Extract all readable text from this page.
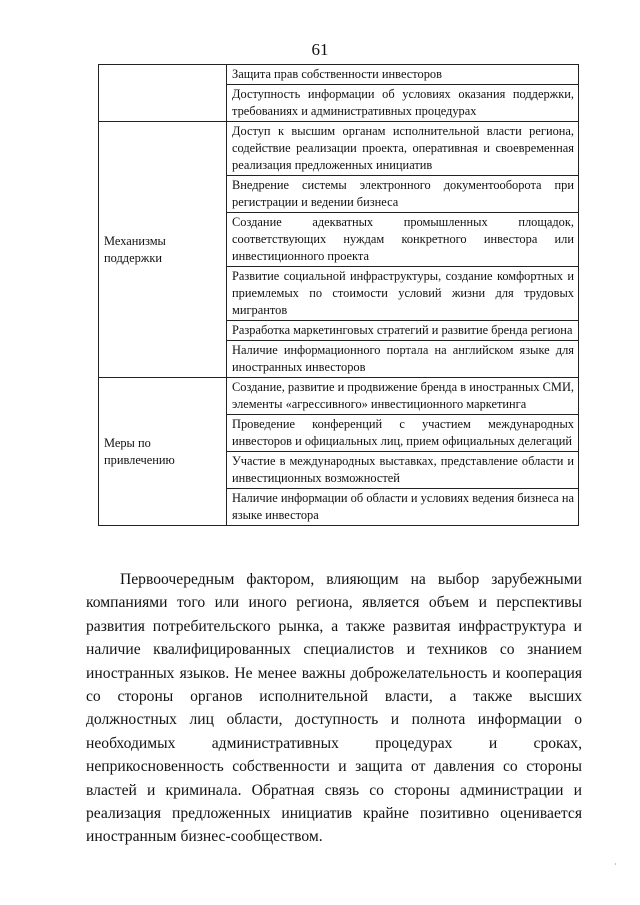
61
	Защита прав собственности инвесторов
	Доступность информации об условиях оказания поддержки, требованиях и административных процедурах

Механизмы
поддержки	Доступ к высшим органам исполнительной власти региона, содействие реализации проекта, оперативная и своевременная реализация предложенных инициатив
	Внедрение системы электронного документооборота при регистрации и ведении бизнеса
	Создание адекватных промышленных площадок, соответствующих нуждам конкретного инвестора или инвестиционного проекта
	Развитие социальной инфраструктуры, создание комфортных и приемлемых по стоимости условий жизни для трудовых мигрантов
	Разработка маркетинговых стратегий и развитие бренда региона
	Наличие информационного портала на английском языке для иностранных инвесторов

Меры по
привлечению	Создание, развитие и продвижение бренда в иностранных СМИ, элементы «агрессивного» инвестиционного маркетинга
	Проведение конференций с участием международных инвесторов и официальных лиц, прием официальных делегаций
	Участие в международных выставках, представление области и инвестиционных возможностей
	Наличие информации об области и условиях ведения бизнеса на языке инвестора

Первоочередным фактором, влияющим на выбор зарубежными компаниями того или иного региона, является объем и перспективы развития потребительского рынка, а также развитая инфраструктура и наличие квалифицированных специалистов и техников со знанием иностранных языков. Не менее важны доброжелательность и кооперация со стороны органов исполнительной власти, а также высших должностных лиц области, доступность и полнота информации о необходимых административных процедурах и сроках, неприкосновенность собственности и защита от давления со стороны властей и криминала. Обратная связь со стороны администрации и реализация предложенных инициатив крайне позитивно оценивается иностранным бизнес-сообществом.

·
